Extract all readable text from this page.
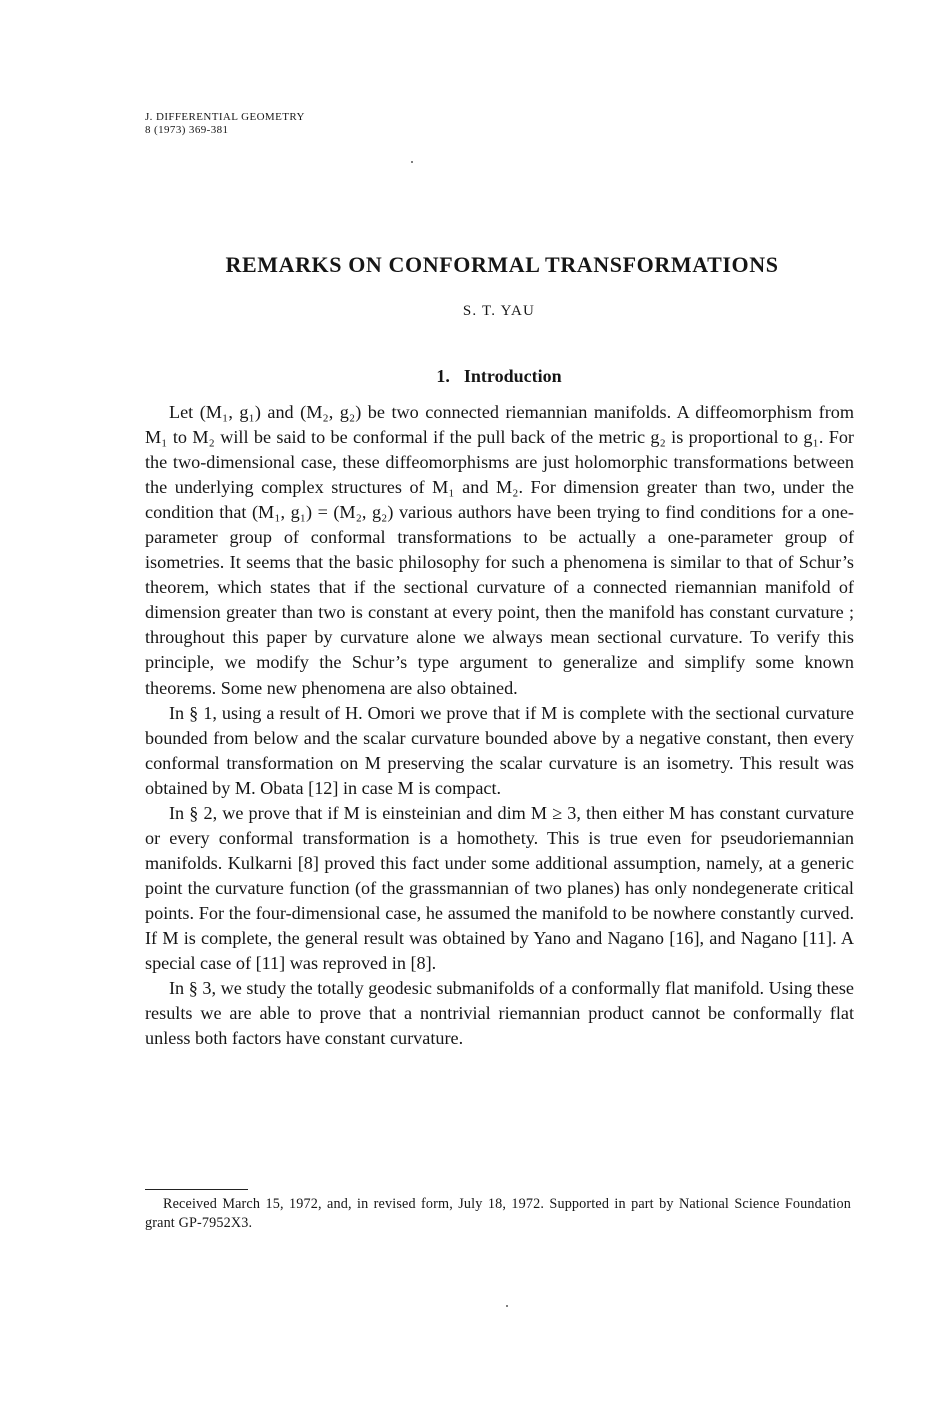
J. DIFFERENTIAL GEOMETRY
8 (1973) 369-381
REMARKS ON CONFORMAL TRANSFORMATIONS
S. T. YAU
1. Introduction

Let (M₁, g₁) and (M₂, g₂) be two connected riemannian manifolds. A diffeomorphism from M₁ to M₂ will be said to be conformal if the pull back of the metric g₂ is proportional to g₁. For the two-dimensional case, these diffeomorphisms are just holomorphic transformations between the underlying complex structures of M₁ and M₂. For dimension greater than two, under the condition that (M₁, g₁) = (M₂, g₂) various authors have been trying to find conditions for a one-parameter group of conformal transformations to be actually a one-parameter group of isometries. It seems that the basic philosophy for such a phenomena is similar to that of Schur’s theorem, which states that if the sectional curvature of a connected riemannian manifold of dimension greater than two is constant at every point, then the manifold has constant curvature ; throughout this paper by curvature alone we always mean sectional curvature. To verify this principle, we modify the Schur’s type argument to generalize and simplify some known theorems. Some new phenomena are also obtained.

In § 1, using a result of H. Omori we prove that if M is complete with the sectional curvature bounded from below and the scalar curvature bounded above by a negative constant, then every conformal transformation on M preserving the scalar curvature is an isometry. This result was obtained by M. Obata [12] in case M is compact.

In § 2, we prove that if M is einsteinian and dim M ≥ 3, then either M has constant curvature or every conformal transformation is a homothety. This is true even for pseudoriemannian manifolds. Kulkarni [8] proved this fact under some additional assumption, namely, at a generic point the curvature function (of the grassmannian of two planes) has only nondegenerate critical points. For the four-dimensional case, he assumed the manifold to be nowhere constantly curved. If M is complete, the general result was obtained by Yano and Nagano [16], and Nagano [11]. A special case of [11] was reproved in [8].

In § 3, we study the totally geodesic submanifolds of a conformally flat manifold. Using these results we are able to prove that a nontrivial riemannian product cannot be conformally flat unless both factors have constant curvature.

Received March 15, 1972, and, in revised form, July 18, 1972. Supported in part by National Science Foundation grant GP-7952X3.
